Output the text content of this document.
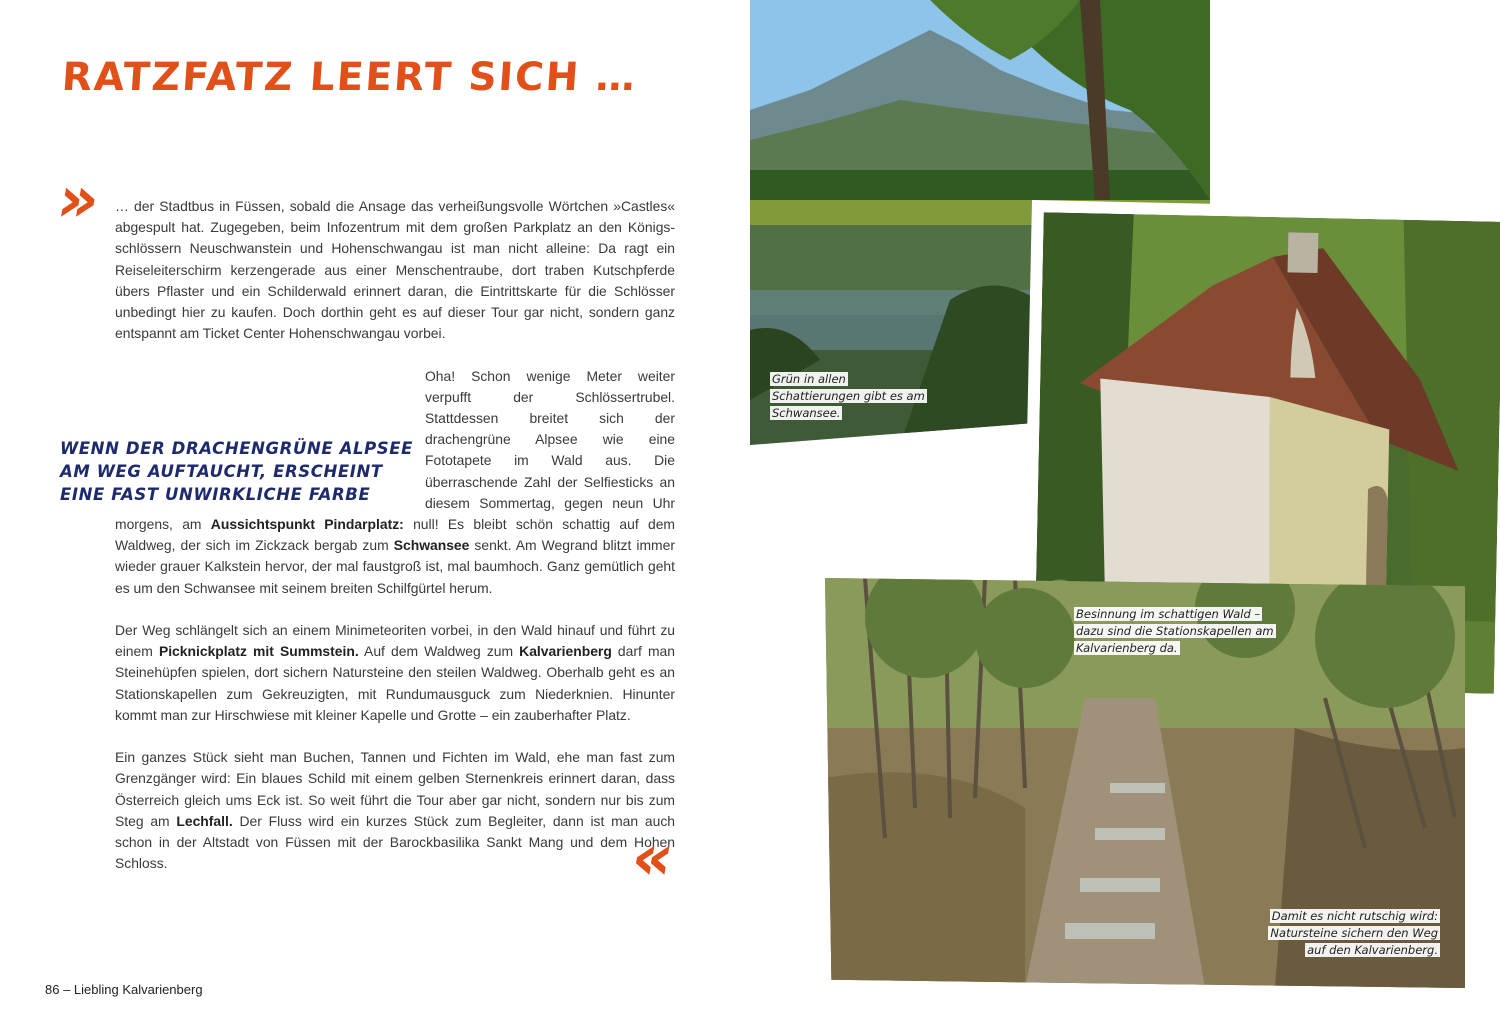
RATZFATZ LEERT SICH …
» … der Stadtbus in Füssen, sobald die Ansage das verheißungsvolle Wörtchen »Castles« abgespult hat. Zugegeben, beim Infozentrum mit dem großen Parkplatz an den Königsschlössern Neuschwanstein und Hohenschwangau ist man nicht alleine: Da ragt ein Reiseleiterschirm kerzengerade aus einer Menschentraube, dort traben Kutschpferde übers Pflaster und ein Schilderwald erinnert daran, die Eintrittskarte für die Schlösser unbedingt hier zu kaufen. Doch dorthin geht es auf dieser Tour gar nicht, sondern ganz entspannt am Ticket Center Hohenschwangau vorbei.

Oha! Schon wenige Meter weiter verpufft der Schlössertrubel. Stattdessen breitet sich der drachengrüne Alpsee wie eine Fototapete im Wald aus. Die überraschende Zahl der Selfiesticks an diesem Sommertag, gegen neun Uhr morgens, am Aussichtspunkt Pindarplatz: null! Es bleibt schön schattig auf dem Waldweg, der sich im Zickzack bergab zum Schwansee senkt. Am Wegrand blitzt immer wieder grauer Kalkstein hervor, der mal faustgroß ist, mal baumhoch. Ganz gemütlich geht es um den Schwansee mit seinem breiten Schilfgürtel herum.

Der Weg schlängelt sich an einem Minimeteoriten vorbei, in den Wald hinauf und führt zu einem Picknickplatz mit Summstein. Auf dem Waldweg zum Kalvarienberg darf man Steinehüpfen spielen, dort sichern Natursteine den steilen Waldweg. Oberhalb geht es an Stationskapellen zum Gekreuzigten, mit Rundumausguck zum Niederknien. Hinunter kommt man zur Hirschwiese mit kleiner Kapelle und Grotte – ein zauberhafter Platz.

Ein ganzes Stück sieht man Buchen, Tannen und Fichten im Wald, ehe man fast zum Grenzgänger wird: Ein blaues Schild mit einem gelben Sternenkreis erinnert daran, dass Österreich gleich ums Eck ist. So weit führt die Tour aber gar nicht, sondern nur bis zum Steg am Lechfall. Der Fluss wird ein kurzes Stück zum Begleiter, dann ist man auch schon in der Altstadt von Füssen mit der Barockbasilika Sankt Mang und dem Hohen Schloss.

WENN DER DRACHENGRÜNE ALPSEE
AM WEG AUFTAUCHT, ERSCHEINT
EINE FAST UNWIRKLICHE FARBE
«
86 – Liebling Kalvarienberg
Grün in allen Schattierungen gibt es am Schwansee.
Besinnung im schattigen Wald – dazu sind die Stationskapellen am Kalvarienberg da.
Damit es nicht rutschig wird: Natursteine sichern den Weg auf den Kalvarienberg.
